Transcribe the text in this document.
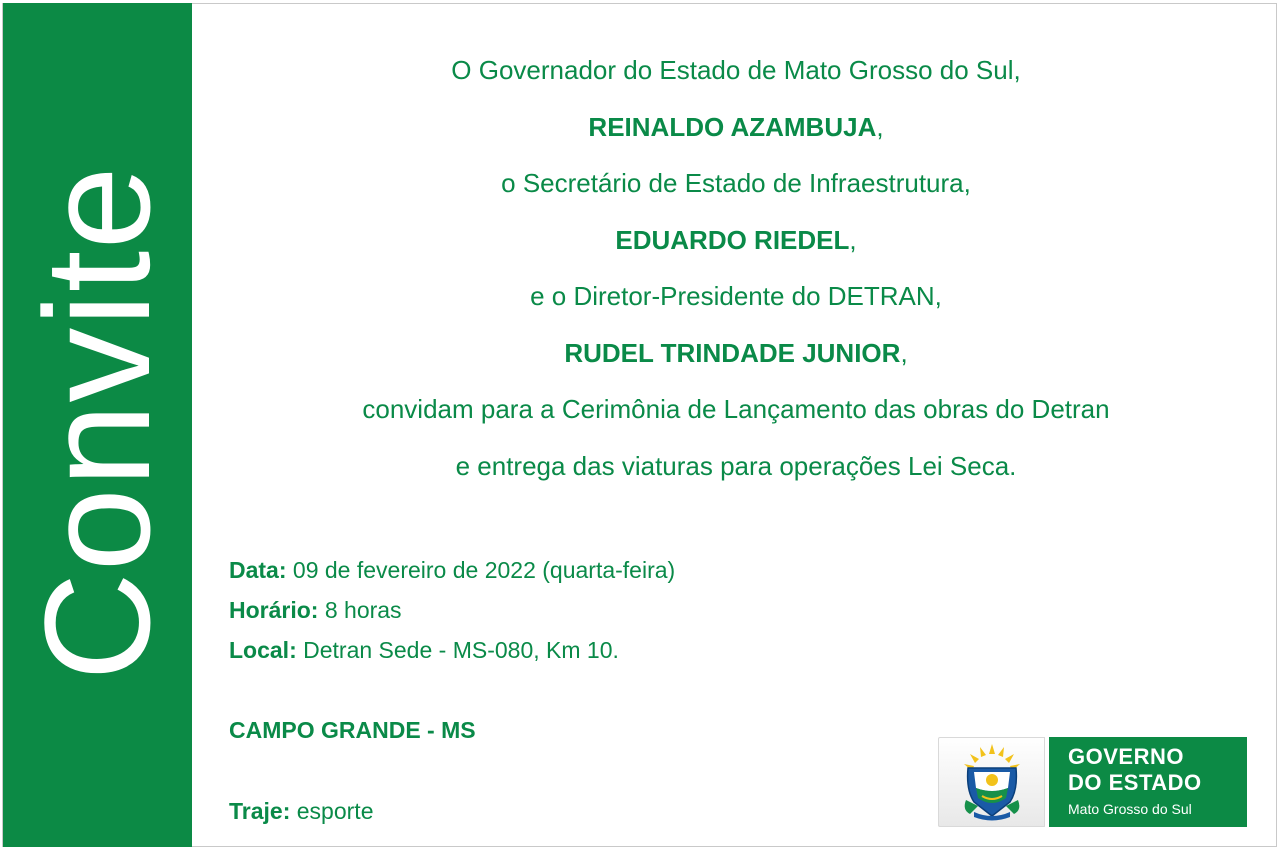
Convite
O Governador do Estado de Mato Grosso do Sul,
REINALDO AZAMBUJA,
o Secretário de Estado de Infraestrutura,
EDUARDO RIEDEL,
e o Diretor-Presidente do DETRAN,
RUDEL TRINDADE JUNIOR,
convidam para a Cerimônia de Lançamento das obras do Detran
e entrega das viaturas para operações Lei Seca.
Data: 09 de fevereiro de 2022 (quarta-feira)
Horário: 8 horas
Local: Detran Sede - MS-080, Km 10.
CAMPO GRANDE - MS
Traje: esporte
GOVERNO
DO ESTADO
Mato Grosso do Sul
